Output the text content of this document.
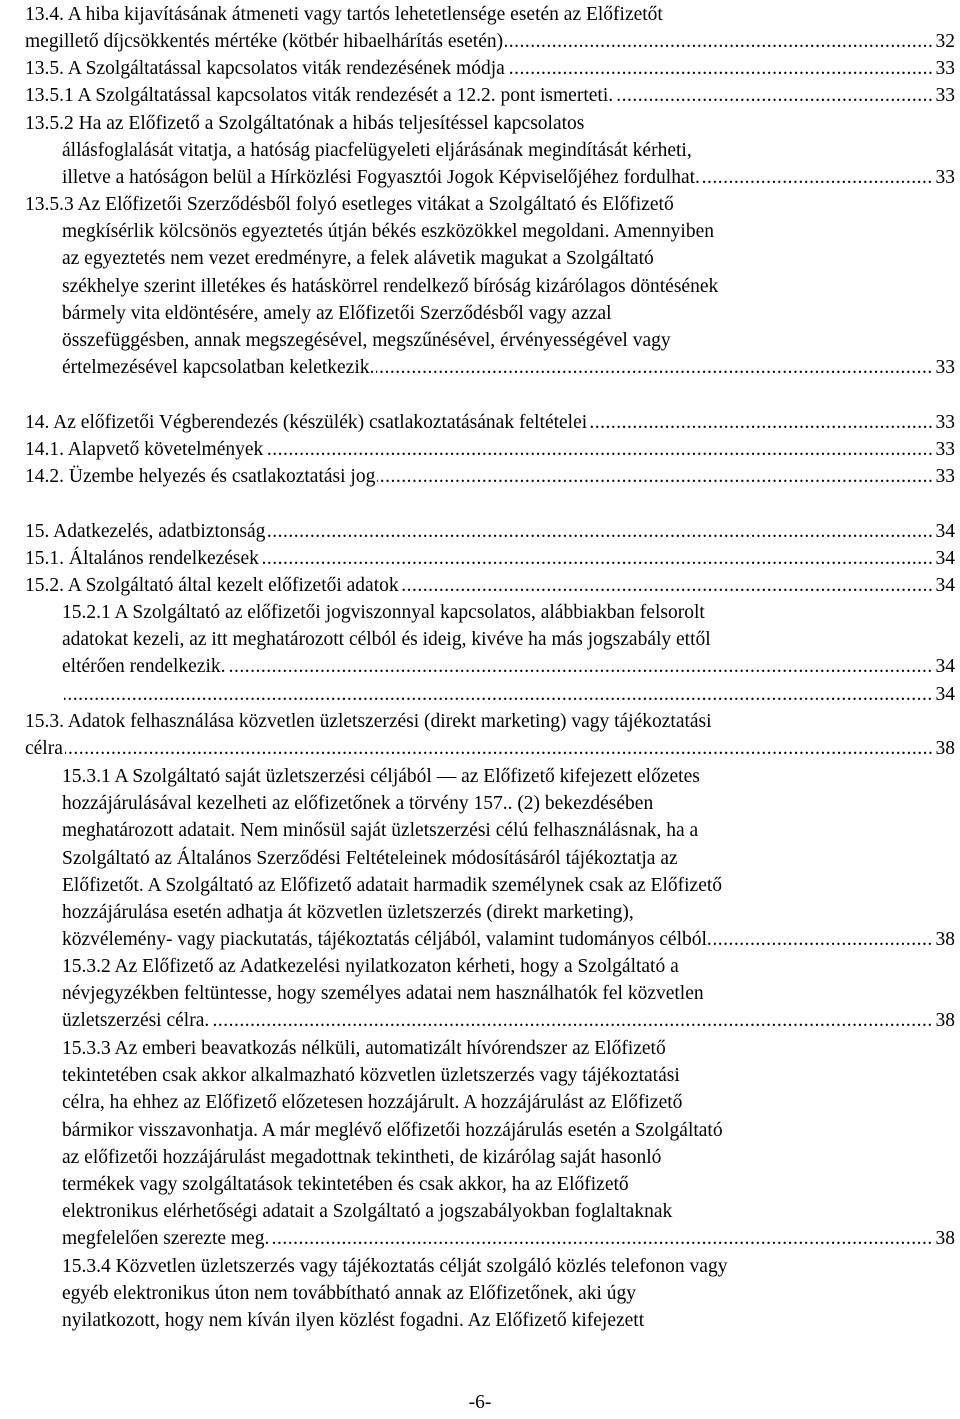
13.4. A hiba kijavításának átmeneti vagy tartós lehetetlensége esetén az Előfizetőt
.....
megillető díjcsökkentés mértéke (kötbér hibaelhárítás esetén)	32
.....
13.5. A Szolgáltatással kapcsolatos viták rendezésének módja	33
.....
13.5.1 A Szolgáltatással kapcsolatos viták rendezését a 12.2. pont ismerteti.	33
13.5.2 Ha az Előfizető a Szolgáltatónak a hibás teljesítéssel kapcsolatos
állásfoglalását vitatja, a hatóság piacfelügyeleti eljárásának megindítását kérheti,
.....
illetve a hatóságon belül a Hírközlési Fogyasztói Jogok Képviselőjéhez fordulhat.	33
13.5.3 Az Előfizetői Szerződésből folyó esetleges vitákat a Szolgáltató és Előfizető
megkísérlik kölcsönös egyeztetés útján békés eszközökkel megoldani. Amennyiben
az egyeztetés nem vezet eredményre, a felek alávetik magukat a Szolgáltató
székhelye szerint illetékes és hatáskörrel rendelkező bíróság kizárólagos döntésének
bármely vita eldöntésére, amely az Előfizetői Szerződésből vagy azzal
összefüggésben, annak megszegésével, megszűnésével, érvényességével vagy
.....
értelmezésével kapcsolatban keletkezik.	33
.....
14. Az előfizetői Végberendezés (készülék) csatlakoztatásának feltételei	33
.....
14.1. Alapvető követelmények	33
.....
14.2. Üzembe helyezés és csatlakoztatási jog	33
.....
15. Adatkezelés, adatbiztonság	34
.....
15.1. Általános rendelkezések	34
.....
15.2. A Szolgáltató által kezelt előfizetői adatok	34
15.2.1 A Szolgáltató az előfizetői jogviszonnyal kapcsolatos, alábbiakban felsorolt
adatokat kezeli, az itt meghatározott célból és ideig, kivéve ha más jogszabály ettől
.....
eltérően rendelkezik.	34
.....
34
15.3. Adatok felhasználása közvetlen üzletszerzési (direkt marketing) vagy tájékoztatási
.....
célra	38
15.3.1 A Szolgáltató saját üzletszerzési céljából — az Előfizető kifejezett előzetes
hozzájárulásával kezelheti az előfizetőnek a törvény 157.. (2) bekezdésében
meghatározott adatait. Nem minősül saját üzletszerzési célú felhasználásnak, ha a
Szolgáltató az Általános Szerződési Feltételeinek módosításáról tájékoztatja az
Előfizetőt. A Szolgáltató az Előfizető adatait harmadik személynek csak az Előfizető
hozzájárulása esetén adhatja át közvetlen üzletszerzés (direkt marketing),
.....
közvélemény- vagy piackutatás, tájékoztatás céljából, valamint tudományos célból.	38
15.3.2 Az Előfizető az Adatkezelési nyilatkozaton kérheti, hogy a Szolgáltató a
névjegyzékben feltüntesse, hogy személyes adatai nem használhatók fel közvetlen
.....
üzletszerzési célra.	38
15.3.3 Az emberi beavatkozás nélküli, automatizált hívórendszer az Előfizető
tekintetében csak akkor alkalmazható közvetlen üzletszerzés vagy tájékoztatási
célra, ha ehhez az Előfizető előzetesen hozzájárult. A hozzájárulást az Előfizető
bármikor visszavonhatja. A már meglévő előfizetői hozzájárulás esetén a Szolgáltató
az előfizetői hozzájárulást megadottnak tekintheti, de kizárólag saját hasonló
termékek vagy szolgáltatások tekintetében és csak akkor, ha az Előfizető
elektronikus elérhetőségi adatait a Szolgáltató a jogszabályokban foglaltaknak
.....
megfelelően szerezte meg.	38
15.3.4 Közvetlen üzletszerzés vagy tájékoztatás célját szolgáló közlés telefonon vagy
egyéb elektronikus úton nem továbbítható annak az Előfizetőnek, aki úgy
nyilatkozott, hogy nem kíván ilyen közlést fogadni. Az Előfizető kifejezett
-6-
